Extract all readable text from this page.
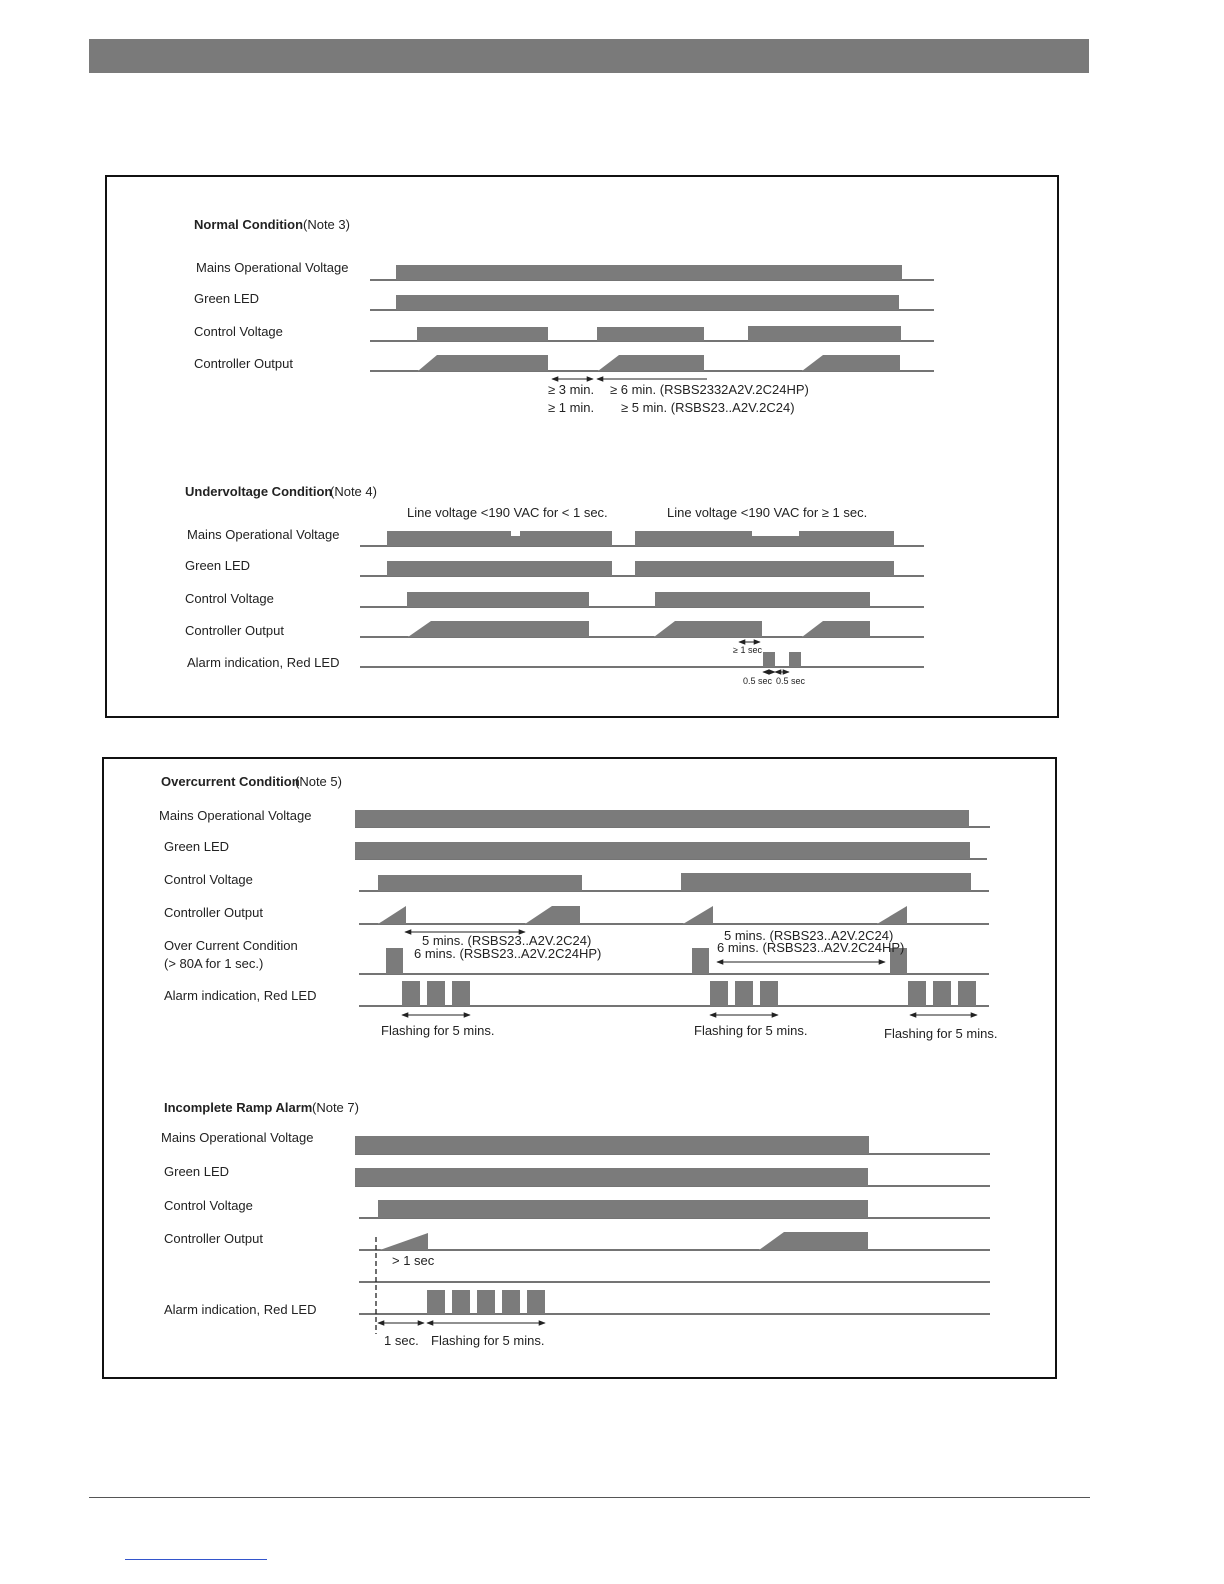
Normal Condition (Note 3)
Mains Operational Voltage
Green LED
Control Voltage
Controller Output
≥ 3 min.
≥ 1 min.
≥ 6 min. (RSBS2332A2V.2C24HP)
≥ 5 min. (RSBS23..A2V.2C24)
Undervoltage Condition
(Note 4)
Line voltage <190 VAC for < 1 sec.	Line voltage <190 VAC for ≥ 1 sec.
Mains Operational Voltage
Green LED
Control Voltage
Controller Output
Alarm indication, Red LED
≥ 1 sec
0.5 sec 0.5 sec
Overcurrent Condition
(Note 5)
Mains Operational Voltage
Green LED
Control Voltage
Controller Output
Over Current Condition
(> 80A for 1 sec.)
Alarm indication, Red LED
5 mins. (RSBS23..A2V.2C24)
6 mins. (RSBS23..A2V.2C24HP)
5 mins. (RSBS23..A2V.2C24)
6 mins. (RSBS23..A2V.2C24HP)
Flashing for 5 mins.	Flashing for 5 mins.	Flashing for 5 mins.
Incomplete Ramp Alarm (Note 7)
Mains Operational Voltage
Green LED
Control Voltage
Controller Output
Alarm indication, Red LED
> 1 sec
1 sec. Flashing for 5 mins.
